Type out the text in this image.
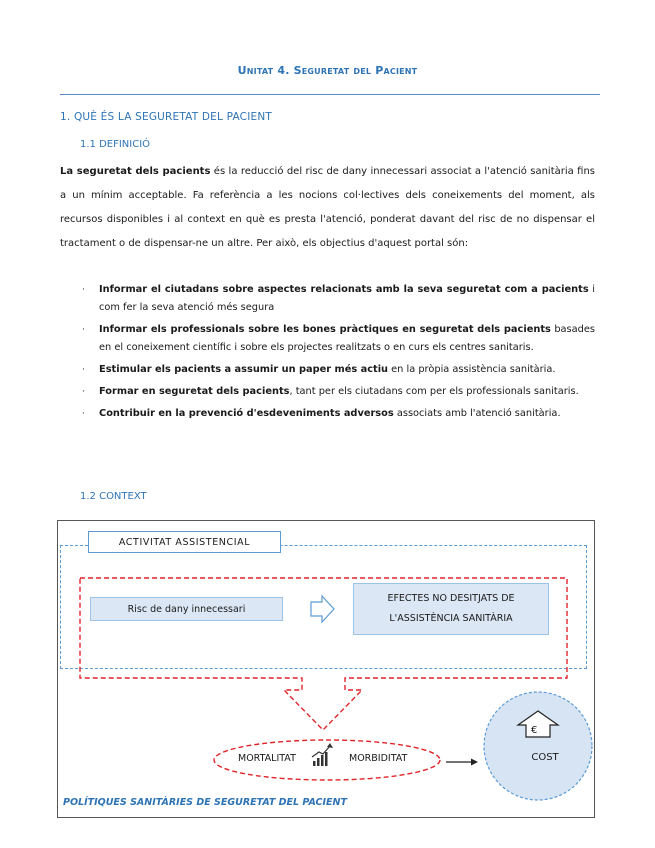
Unitat 4. Seguretat del Pacient
1. QUÈ ÉS LA SEGURETAT DEL PACIENT
1.1 DEFINICIÓ
La seguretat dels pacients és la reducció del risc de dany innecessari associat a l'atenció sanitària fins a un mínim acceptable. Fa referència a les nocions col·lectives dels coneixements del moment, als recursos disponibles i al context en què es presta l'atenció, ponderat davant del risc de no dispensar el tractament o de dispensar-ne un altre. Per això, els objectius d'aquest portal són:
· Informar el ciutadans sobre aspectes relacionats amb la seva seguretat com a pacients i com fer la seva atenció més segura
· Informar els professionals sobre les bones pràctiques en seguretat dels pacients basades en el coneixement científic i sobre els projectes realitzats o en curs els centres sanitaris.
· Estimular els pacients a assumir un paper més actiu en la pròpia assistència sanitària.
· Formar en seguretat dels pacients, tant per els ciutadans com per els professionals sanitaris.
· Contribuir en la prevenció d'esdeveniments adversos associats amb l'atenció sanitària.
1.2 CONTEXT
ACTIVITAT ASSISTENCIAL
Risc de dany innecessari
EFECTES NO DESITJATS DE
L'ASSISTÈNCIA SANITÀRIA
MORTALITAT	MORBIDITAT
€
COST
POLÍTIQUES SANITÀRIES DE SEGURETAT DEL PACIENT
